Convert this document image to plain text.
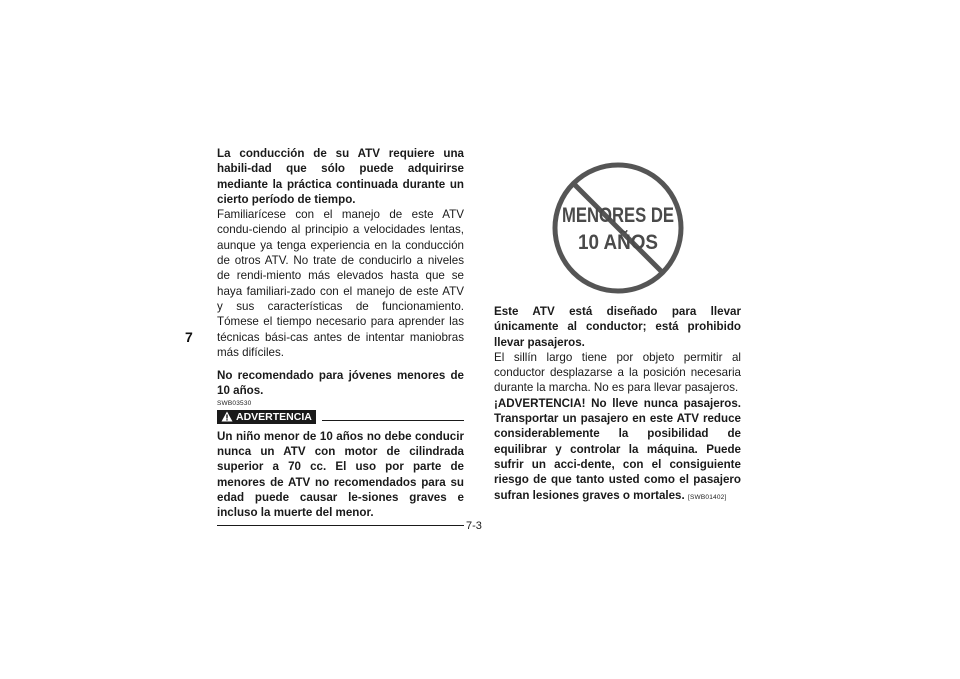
7

La conducción de su ATV requiere una habili-dad que sólo puede adquirirse mediante la práctica continuada durante un cierto período de tiempo.

Familiarícese con el manejo de este ATV condu-ciendo al principio a velocidades lentas, aunque ya tenga experiencia en la conducción de otros ATV. No trate de conducirlo a niveles de rendi-miento más elevados hasta que se haya familiari-zado con el manejo de este ATV y sus características de funcionamiento. Tómese el tiempo necesario para aprender las técnicas bási-cas antes de intentar maniobras más difíciles.

No recomendado para jóvenes menores de 10 años.

SWB03530
ADVERTENCIA

Un niño menor de 10 años no debe conducir nunca un ATV con motor de cilindrada superior a 70 cc. El uso por parte de menores de ATV no recomendados para su edad puede causar le-siones graves e incluso la muerte del menor.

MENORES DE
10 AÑOS

Este ATV está diseñado para llevar únicamente al conductor; está prohibido llevar pasajeros.

El sillín largo tiene por objeto permitir al conductor desplazarse a la posición necesaria durante la marcha. No es para llevar pasajeros.

¡ADVERTENCIA! No lleve nunca pasajeros. Transportar un pasajero en este ATV reduce considerablemente la posibilidad de equilibrar y controlar la máquina. Puede sufrir un acci-dente, con el consiguiente riesgo de que tanto usted como el pasajero sufran lesiones graves o mortales. [SWB01402]

7-3
